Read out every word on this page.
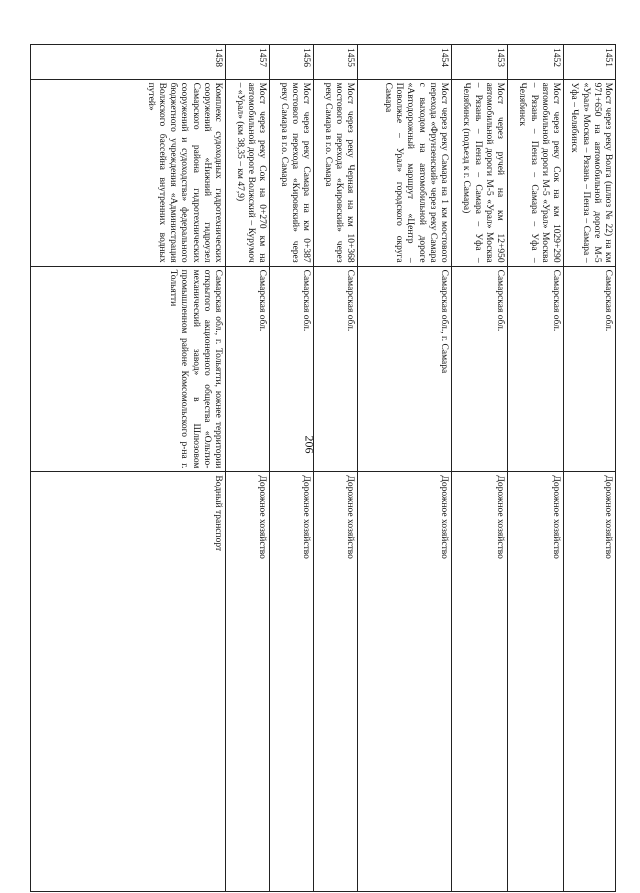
206
1451	Мост через реку Волга (шлюз № 22) на км 971+650 на автомобильной дороге М-5 «Урал» Москва – Рязань – Пенза – Самара – Уфа – Челябинск	Самарская обл.	Дорожное хозяйство
1452	Мост через реку Сок на км 1029+290 автомобильной дороги М-5 «Урал» Москва – Рязань – Пенза – Самара – Уфа – Челябинск	Самарская обл.	Дорожное хозяйство
1453	Мост через ручей на км 12+950 автомобильной дороги М-5 «Урал» Москва – Рязань – Пенза – Самара – Уфа – Челябинск (подъезд к г. Самара)	Самарская обл.	Дорожное хозяйство
1454	Мост через реку Самара на 1 км мостового перехода «Фрунзенский» через реку Самара с выходом на автомобильной дороге «Автодорожный маршрут «Центр – Поволжье – Урал» городского округа Самара	Самарская обл., г. Самара	Дорожное хозяйство
1455	Мост через реку Черная на км 10+368 мостового перехода «Кировский» через реку Самара в г.о. Самара	Самарская обл.	Дорожное хозяйство
1456	Мост через реку Самара на км 0+387 мостового перехода «Кировский» через реку Самара в г.о. Самара	Самарская обл.	Дорожное хозяйство
1457	Мост через реку Сок на 0+270 км на автомобильной дороге Волжский – Курумоч – «Урал» (км 38,35 – км 47,9)	Самарская обл.	Дорожное хозяйство
1458	Комплекс судоходных гидротехнических сооружений «Нижний гидроузел Самарского района гидротехнических сооружений и судоходства» федерального бюджетного учреждения «Администрация Волжского бассейна внутренних водных путей»	Самарская обл., г. Тольятти, южнее территории открытого акционерного общества «Ольтио-механический завод» в Шлюзовом промышленном районе Комсомольского р-на г. Тольятти	Водный транспорт
